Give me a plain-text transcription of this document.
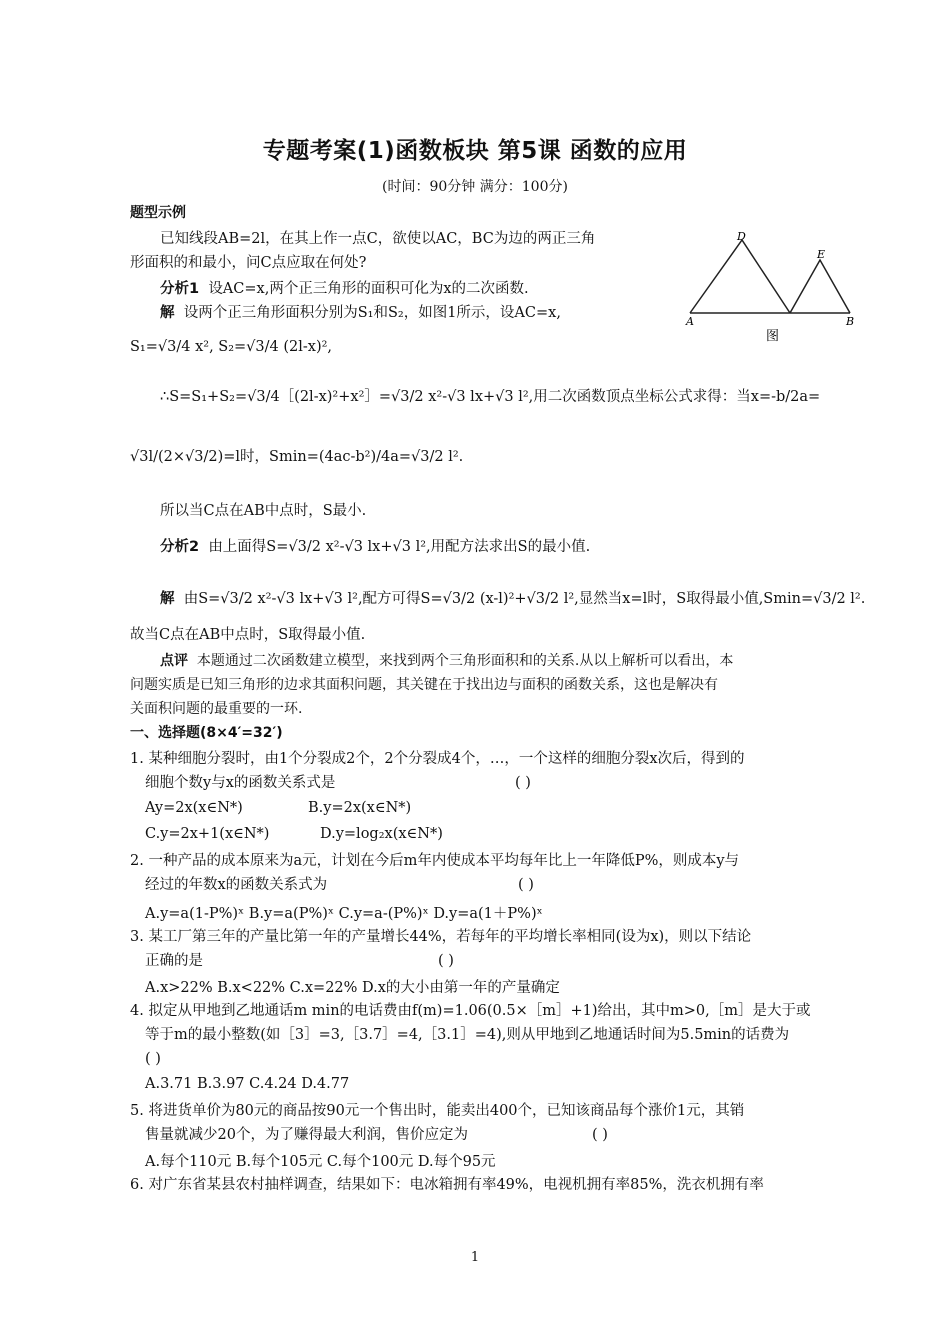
专题考案(1)函数板块 第5课 函数的应用
(时间：90分钟 满分：100分)
题型示例
已知线段AB=2l，在其上作一点C，欲使以AC，BC为边的两正三角
形面积的和最小，问C点应取在何处?
分析1 设AC=x,两个正三角形的面积可化为x的二次函数.
解 设两个正三角形面积分别为S₁和S₂，如图1所示，设AC=x,
S₁=√3/4 x², S₂=√3/4 (2l-x)²,
∴S=S₁+S₂=√3/4［(2l-x)²+x²］=√3/2 x²-√3 lx+√3 l²,用二次函数顶点坐标公式求得：当x=-b/2a=
√3l/(2×√3/2)=l时，Smin=(4ac-b²)/4a=√3/2 l².
所以当C点在AB中点时，S最小.
分析2 由上面得S=√3/2 x²-√3 lx+√3 l²,用配方法求出S的最小值.
解 由S=√3/2 x²-√3 lx+√3 l²,配方可得S=√3/2 (x-l)²+√3/2 l²,显然当x=l时，S取得最小值,Smin=√3/2 l².
故当C点在AB中点时，S取得最小值.
点评 本题通过二次函数建立模型，来找到两个三角形面积和的关系.从以上解析可以看出，本
问题实质是已知三角形的边求其面积问题，其关键在于找出边与面积的函数关系，这也是解决有
关面积问题的最重要的一环.
一、选择题(8×4′=32′)
1. 某种细胞分裂时，由1个分裂成2个，2个分裂成4个，…，一个这样的细胞分裂x次后，得到的
细胞个数y与x的函数关系式是	( )
Ay=2x(x∈N*)	B.y=2x(x∈N*)
C.y=2x+1(x∈N*)	D.y=log₂x(x∈N*)
2. 一种产品的成本原来为a元，计划在今后m年内使成本平均每年比上一年降低P%，则成本y与
经过的年数x的函数关系式为	( )
A.y=a(1-P%)ˣ B.y=a(P%)ˣ C.y=a-(P%)ˣ D.y=a(1＋P%)ˣ
3. 某工厂第三年的产量比第一年的产量增长44%，若每年的平均增长率相同(设为x)，则以下结论
正确的是	( )
A.x>22% B.x<22% C.x=22% D.x的大小由第一年的产量确定
4. 拟定从甲地到乙地通话m min的电话费由f(m)=1.06(0.5×［m］+1)给出，其中m>0,［m］是大于或
等于m的最小整数(如［3］=3,［3.7］=4,［3.1］=4),则从甲地到乙地通话时间为5.5min的话费为
( )
A.3.71 B.3.97 C.4.24 D.4.77
5. 将进货单价为80元的商品按90元一个售出时，能卖出400个，已知该商品每个涨价1元，其销
售量就减少20个，为了赚得最大利润，售价应定为	( )
A.每个110元 B.每个105元 C.每个100元 D.每个95元
6. 对广东省某县农村抽样调查，结果如下：电冰箱拥有率49%，电视机拥有率85%，洗衣机拥有率
A	B
D
E
图
1
